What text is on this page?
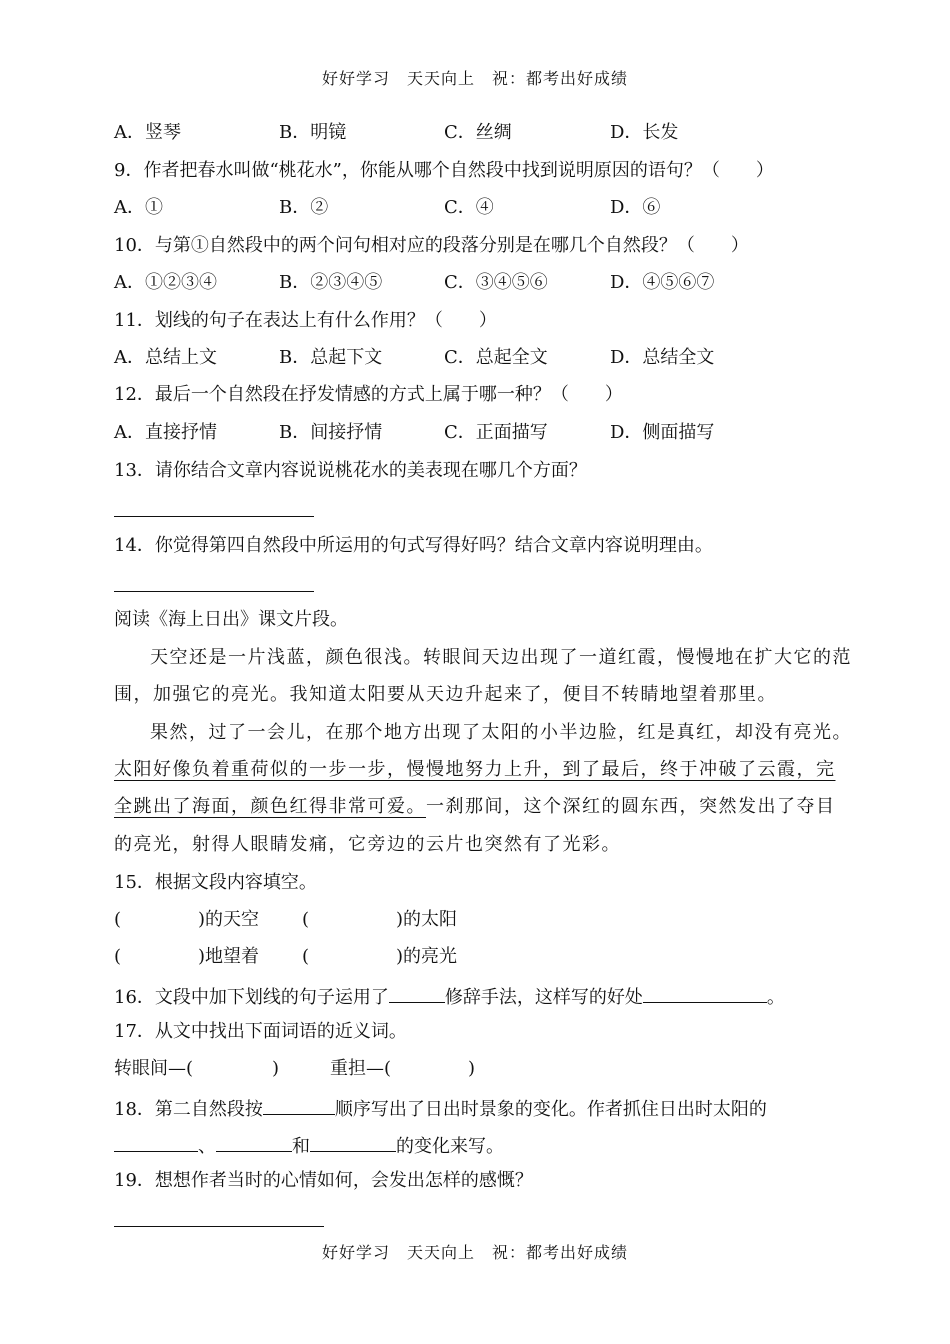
好好学习　天天向上　祝：都考出好成绩
A．竖琴	B．明镜	C．丝绸	D．长发
9．作者把春水叫做“桃花水”，你能从哪个自然段中找到说明原因的语句？（　　）
A．①	B．②	C．④	D．⑥
10．与第①自然段中的两个问句相对应的段落分别是在哪几个自然段？（　　）
A．①②③④	B．②③④⑤	C．③④⑤⑥	D．④⑤⑥⑦
11．划线的句子在表达上有什么作用？（　　）
A．总结上文	B．总起下文	C．总起全文	D．总结全文
12．最后一个自然段在抒发情感的方式上属于哪一种？（　　）
A．直接抒情	B．间接抒情	C．正面描写	D．侧面描写
13．请你结合文章内容说说桃花水的美表现在哪几个方面？
14．你觉得第四自然段中所运用的句式写得好吗？结合文章内容说明理由。
阅读《海上日出》课文片段。
天空还是一片浅蓝，颜色很浅。转眼间天边出现了一道红霞，慢慢地在扩大它的范
围，加强它的亮光。我知道太阳要从天边升起来了，便目不转睛地望着那里。
果然，过了一会儿，在那个地方出现了太阳的小半边脸，红是真红，却没有亮光。
太阳好像负着重荷似的一步一步，慢慢地努力上升，到了最后，终于冲破了云霞，完
全跳出了海面，颜色红得非常可爱。一刹那间，这个深红的圆东西，突然发出了夺目
的亮光，射得人眼睛发痛，它旁边的云片也突然有了光彩。
15．根据文段内容填空。
(	)的天空 (	)的太阳
(	)地望着 (	)的亮光
16．文段中加下划线的句子运用了	修辞手法，这样写的好处	。
17．从文中找出下面词语的近义词。
转眼间—(	)	重担—(	)
18．第二自然段按	顺序写出了日出时景象的变化。作者抓住日出时太阳的
、	和	的变化来写。
19．想想作者当时的心情如何，会发出怎样的感慨？
好好学习　天天向上　祝：都考出好成绩
